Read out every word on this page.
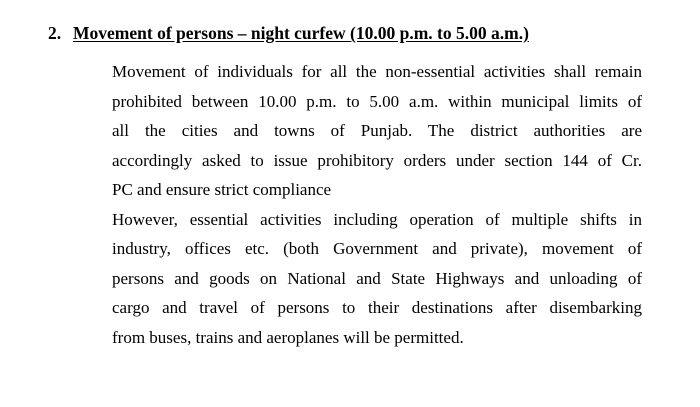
2. Movement of persons – night curfew (10.00 p.m. to 5.00 a.m.)
Movement of individuals for all the non-essential activities shall remain
prohibited between 10.00 p.m. to 5.00 a.m. within municipal limits of
all the cities and towns of Punjab. The district authorities are
accordingly asked to issue prohibitory orders under section 144 of Cr.
PC and ensure strict compliance
However, essential activities including operation of multiple shifts in
industry, offices etc. (both Government and private), movement of
persons and goods on National and State Highways and unloading of
cargo and travel of persons to their destinations after disembarking
from buses, trains and aeroplanes will be permitted.
